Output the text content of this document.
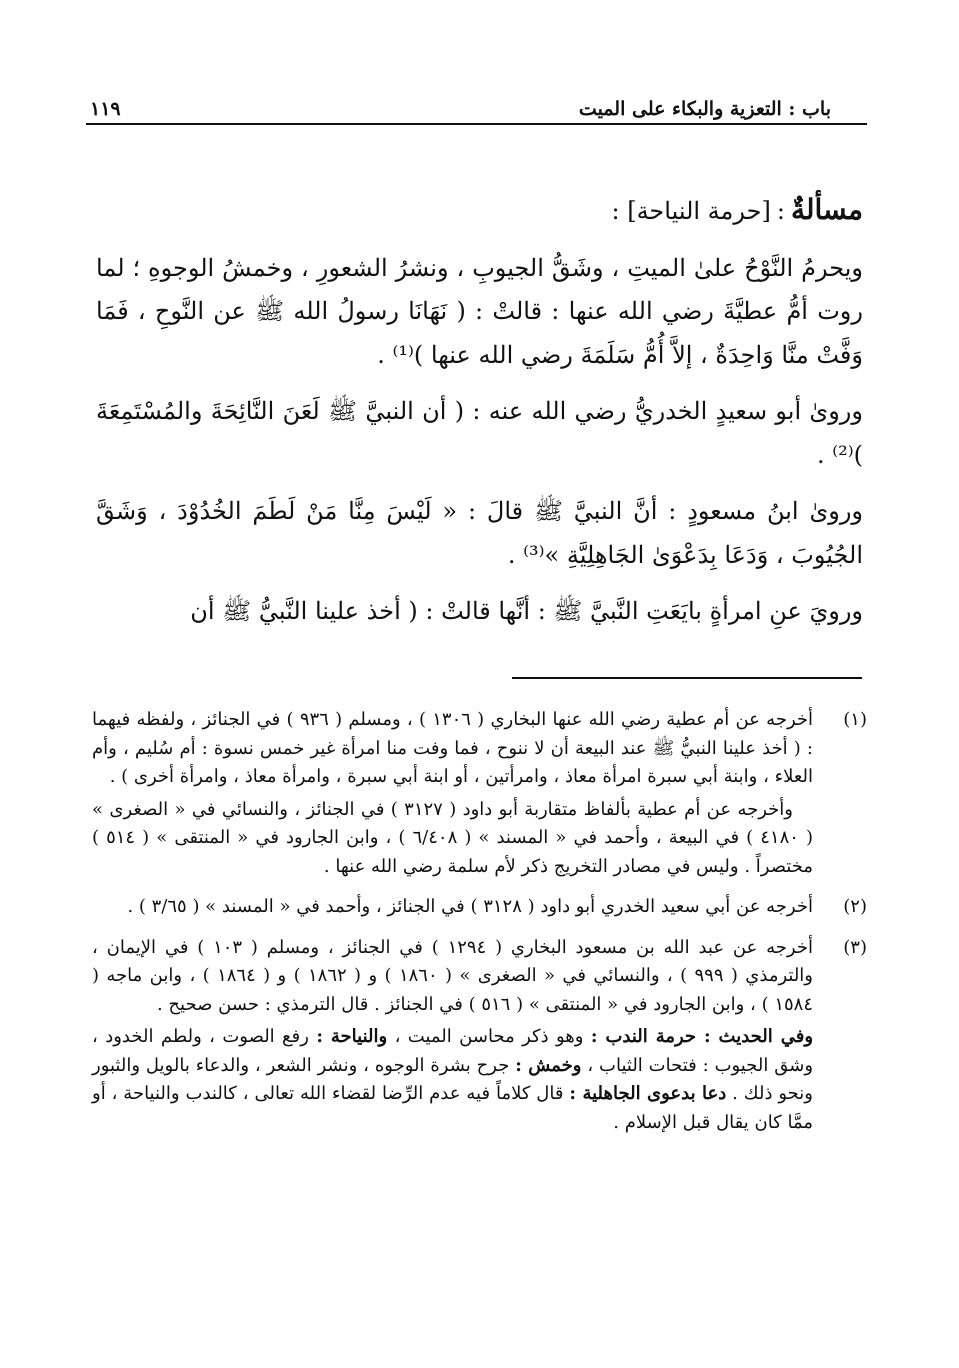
باب : التعزية والبكاء على الميت
١١٩

مسألةٌ:[حرمة النياحة] :

ويحرمُ النَّوْحُ علىٰ الميتِ ، وشَقُّ الجيوبِ ، ونشرُ الشعورِ ، وخمشُ الوجوهِ ؛ لما روت أمُّ عطيَّةَ رضي الله عنها : قالتْ : ( نَهَانَا رسولُ الله ﷺ عن النَّوحِ ، فَمَا وَفَّتْ منَّا وَاحِدَةٌ ، إلاَّ أُمُّ سَلَمَةَ رضي الله عنها )⁽¹⁾ .

وروىٰ أبو سعيدٍ الخدريُّ رضي الله عنه : ( أن النبيَّ ﷺ لَعَنَ النَّائِحَةَ والمُسْتَمِعَةَ )⁽²⁾ .

وروىٰ ابنُ مسعودٍ : أنَّ النبيَّ ﷺ قالَ : « لَيْسَ مِنَّا مَنْ لَطَمَ الخُدُوْدَ ، وَشَقَّ الجُيُوبَ ، وَدَعَا بِدَعْوَىٰ الجَاهِلِيَّةِ »⁽³⁾ .

ورويَ عنِ امرأةٍ بايَعَتِ النَّبيَّ ﷺ : أنَّها قالتْ : ( أخذ علينا النَّبيُّ ﷺ أن

(١)

أخرجه عن أم عطية رضي الله عنها البخاري ( ١٣٠٦ ) ، ومسلم ( ٩٣٦ ) في الجنائز ، ولفظه فيهما : ( أخذ علينا النبيُّ ﷺ عند البيعة أن لا ننوح ، فما وفت منا امرأة غير خمس نسوة : أم سُليم ، وأم العلاء ، وابنة أبي سبرة امرأة معاذ ، وامرأتين ، أو ابنة أبي سبرة ، وامرأة معاذ ، وامرأة أخرى ) .

وأخرجه عن أم عطية بألفاظ متقاربة أبو داود ( ٣١٢٧ ) في الجنائز ، والنسائي في « الصغرى » ( ٤١٨٠ ) في البيعة ، وأحمد في « المسند » ( ٦/٤٠٨ ) ، وابن الجارود في « المنتقى » ( ٥١٤ ) مختصراً . وليس في مصادر التخريج ذكر لأم سلمة رضي الله عنها .

(٢)

أخرجه عن أبي سعيد الخدري أبو داود ( ٣١٢٨ ) في الجنائز ، وأحمد في « المسند » ( ٣/٦٥ ) .

(٣)

أخرجه عن عبد الله بن مسعود البخاري ( ١٢٩٤ ) في الجنائز ، ومسلم ( ١٠٣ ) في الإيمان ، والترمذي ( ٩٩٩ ) ، والنسائي في « الصغرى » ( ١٨٦٠ ) و ( ١٨٦٢ ) و ( ١٨٦٤ ) ، وابن ماجه ( ١٥٨٤ ) ، وابن الجارود في « المنتقى » ( ٥١٦ ) في الجنائز . قال الترمذي : حسن صحيح .

وفي الحديث : حرمة الندب : وهو ذكر محاسن الميت ، والنياحة : رفع الصوت ، ولطم الخدود ، وشق الجيوب : فتحات الثياب ، وخمش : جرح بشرة الوجوه ، ونشر الشعر ، والدعاء بالويل والثبور ونحو ذلك . دعا بدعوى الجاهلية : قال كلاماً فيه عدم الرِّضا لقضاء الله تعالى ، كالندب والنياحة ، أو ممَّا كان يقال قبل الإسلام .
